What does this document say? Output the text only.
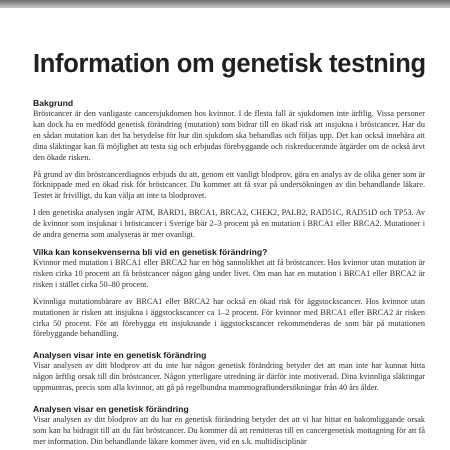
Information om genetisk testning

Bakgrund

Bröstcancer är den vanligaste cancersjukdomen hos kvinnor. I de flesta fall är sjukdomen inte ärftlig. Vissa personer kan dock ha en medfödd genetisk förändring (mutation) som bidrar till en ökad risk att insjukna i bröstcancer. Har du en sådan mutation kan det ha betydelse för hur din sjukdom ska behandlas och följas upp. Det kan också innebära att dina släktingar kan få möjlighet att testa sig och erbjudas förebyggande och riskreducerande åtgärder om de också ärvt den ökade risken.

På grund av din bröstcancerdiagnos erbjuds du att, genom ett vanligt blodprov, göra en analys av de olika gener som är förknippade med en ökad risk för bröstcancer. Du kommer att få svar på undersökningen av din behandlande läkare. Testet är frivilligt, du kan välja att inte ta blodprovet.

I den genetiska analysen ingår ATM, BARD1, BRCA1, BRCA2, CHEK2, PALB2, RAD51C, RAD51D och TP53. Av de kvinnor som insjuknar i bröstcancer i Sverige bär 2–3 procent på en mutation i BRCA1 eller BRCA2. Mutationer i de andra generna som analyseras är mer ovanligt.

Vilka kan konsekvenserna bli vid en genetisk förändring?

Kvinnor med mutation i BRCA1 eller BRCA2 har en hög sannolikhet att få bröstcancer. Hos kvinnor utan mutation är risken cirka 10 procent att få bröstcancer någon gång under livet. Om man har en mutation i BRCA1 eller BRCA2 är risken i stället cirka 50–80 procent.

Kvinnliga mutationsbärare av BRCA1 eller BRCA2 har också en ökad risk för äggstockscancer. Hos kvinnor utan mutationen är risken att insjukna i äggstockscancer ca 1–2 procent. För kvinnor med BRCA1 eller BRCA2 är risken cirka 50 procent. För att förebygga ett insjuknande i äggstockscancer rekommenderas de som bär på mutationen förebyggande behandling.

Analysen visar inte en genetisk förändring

Visar analysen av ditt blodprov att du inte har någon genetisk förändring betyder det att man inte har kunnat hitta någon ärftlig orsak till din bröstcancer. Någon ytterligare utredning är därför inte motiverad. Dina kvinnliga släktingar uppmuntras, precis som alla kvinnor, att gå på regelbundna mammografiundersökningar från 40 års ålder.

Analysen visar en genetisk förändring

Visar analysen av ditt blodprov att du har en genetisk förändring betyder det att vi har hittat en bakomliggande orsak som kan ha bidragit till att du fått bröstcancer. Du kommer då att remitteras till en cancergenetisk mottagning för att få mer information. Din behandlande läkare kommer även, vid en s.k. multidisciplinär
